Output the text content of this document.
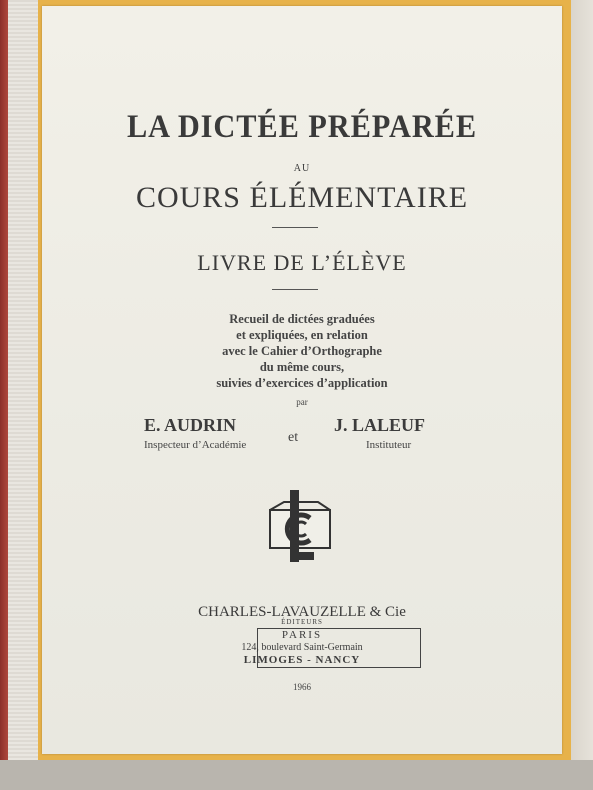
LA DICTÉE PRÉPARÉE
AU
COURS ÉLÉMENTAIRE
LIVRE DE L’ÉLÈVE
Recueil de dictées graduées
et expliquées, en relation
avec le Cahier d’Orthographe
du même cours,
suivies d’exercices d’application
par
E. AUDRIN
Inspecteur d’Académie	et
J. LALEUF
Instituteur
CHARLES-LAVAUZELLE & Cie
ÉDITEURS
PARIS
124, boulevard Saint-Germain
LIMOGES - NANCY
1966
